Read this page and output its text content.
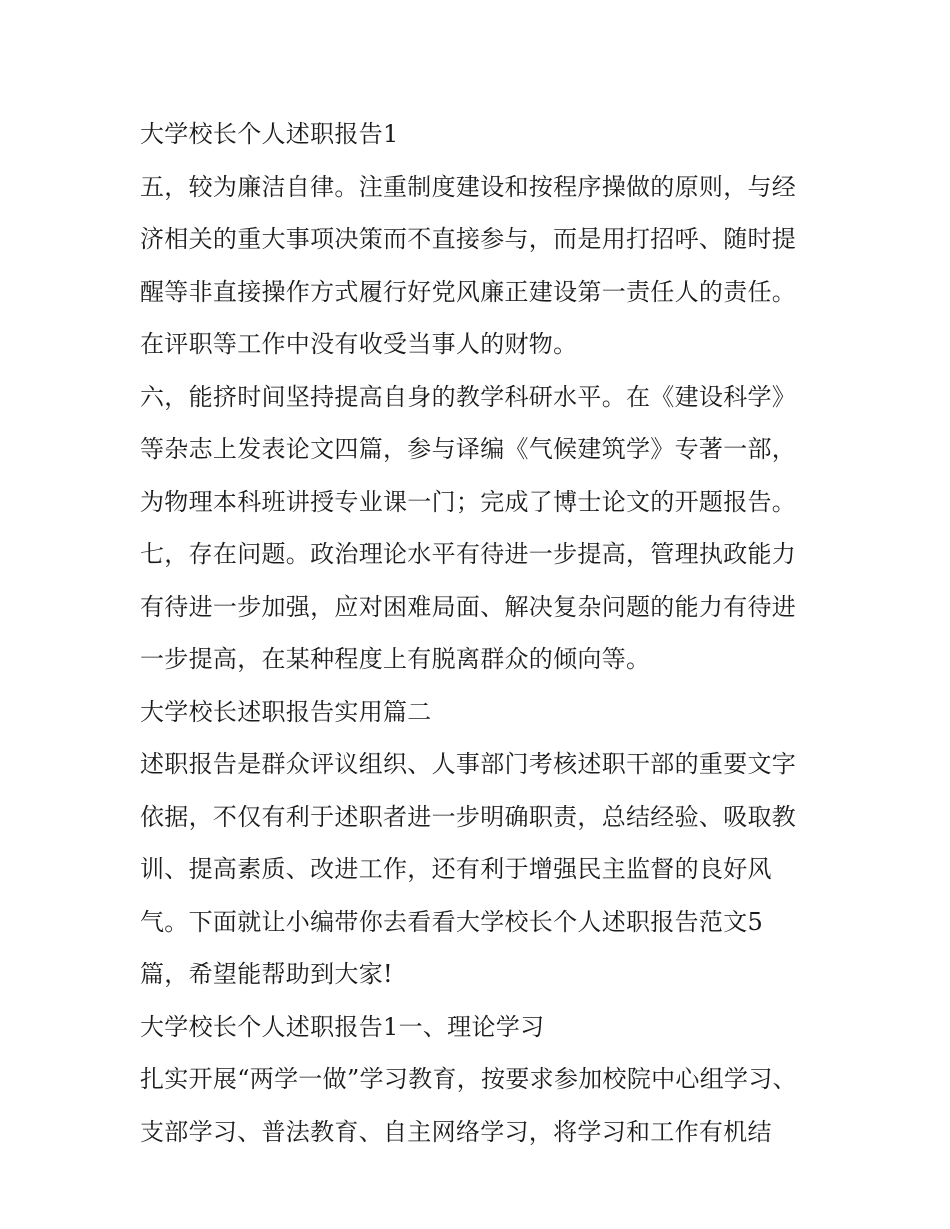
大学校长个人述职报告1
五，较为廉洁自律。注重制度建设和按程序操做的原则，与经
济相关的重大事项决策而不直接参与，而是用打招呼、随时提
醒等非直接操作方式履行好党风廉正建设第一责任人的责任。
在评职等工作中没有收受当事人的财物。
六，能挤时间坚持提高自身的教学科研水平。在《建设科学》
等杂志上发表论文四篇，参与译编《气候建筑学》专著一部，
为物理本科班讲授专业课一门；完成了博士论文的开题报告。
七，存在问题。政治理论水平有待进一步提高，管理执政能力
有待进一步加强，应对困难局面、解决复杂问题的能力有待进
一步提高，在某种程度上有脱离群众的倾向等。
大学校长述职报告实用篇二
述职报告是群众评议组织、人事部门考核述职干部的重要文字
依据，不仅有利于述职者进一步明确职责，总结经验、吸取教
训、提高素质、改进工作，还有利于增强民主监督的良好风
气。下面就让小编带你去看看大学校长个人述职报告范文5
篇，希望能帮助到大家!
大学校长个人述职报告1一、理论学习
扎实开展“两学一做”学习教育，按要求参加校院中心组学习、
支部学习、普法教育、自主网络学习，将学习和工作有机结
